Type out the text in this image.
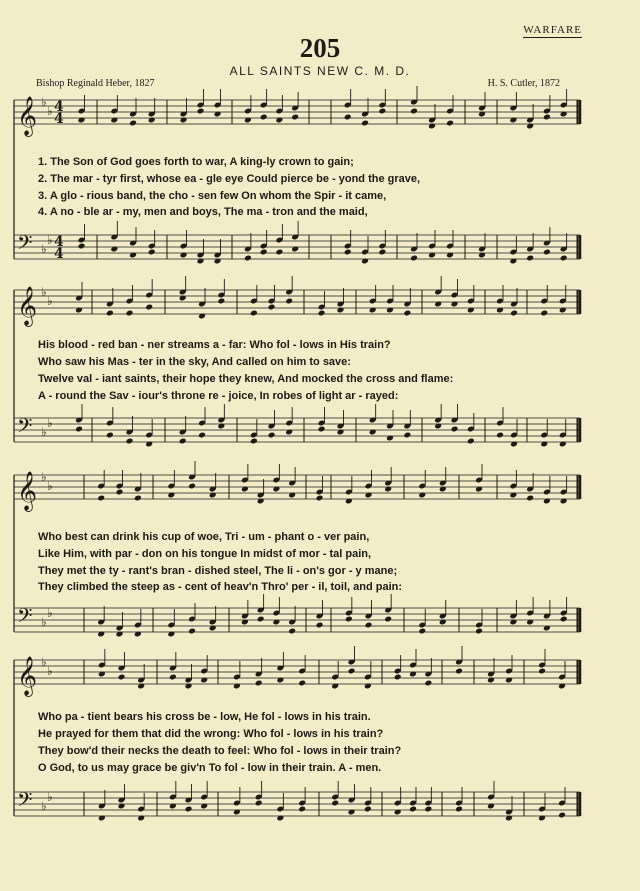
WARFARE
205
ALL SAINTS NEW C. M. D.
Bishop Reginald Heber, 1827	H. S. Cutler, 1872
𝄞 ♭
♭ 4
4
𝄢 ♭
♭ 4
4
𝄞 ♭
♭
𝄢 ♭
♭
𝄞 ♭
♭
𝄢 ♭
♭
𝄞 ♭
♭
𝄢 ♭
♭
1. The Son of God goes forth to war, A king-ly crown to gain;
2. The mar - tyr first, whose ea - gle eye Could pierce be - yond the grave,
3. A glo - rious band, the cho - sen few On whom the Spir - it came,
4. A no - ble ar - my, men and boys, The ma - tron and the maid,
His blood - red ban - ner streams a - far: Who fol - lows in His train?
Who saw his Mas - ter in the sky, And called on him to save:
Twelve val - iant saints, their hope they knew, And mocked the cross and flame:
A - round the Sav - iour's throne re - joice, In robes of light ar - rayed:
Who best can drink his cup of woe, Tri - um - phant o - ver pain,
Like Him, with par - don on his tongue In midst of mor - tal pain,
They met the ty - rant's bran - dished steel, The li - on's gor - y mane;
They climbed the steep as - cent of heav'n Thro' per - il, toil, and pain:
Who pa - tient bears his cross be - low, He fol - lows in his train.
He prayed for them that did the wrong: Who fol - lows in his train?
They bow'd their necks the death to feel: Who fol - lows in their train?
O God, to us may grace be giv'n To fol - low in their train. A - men.
